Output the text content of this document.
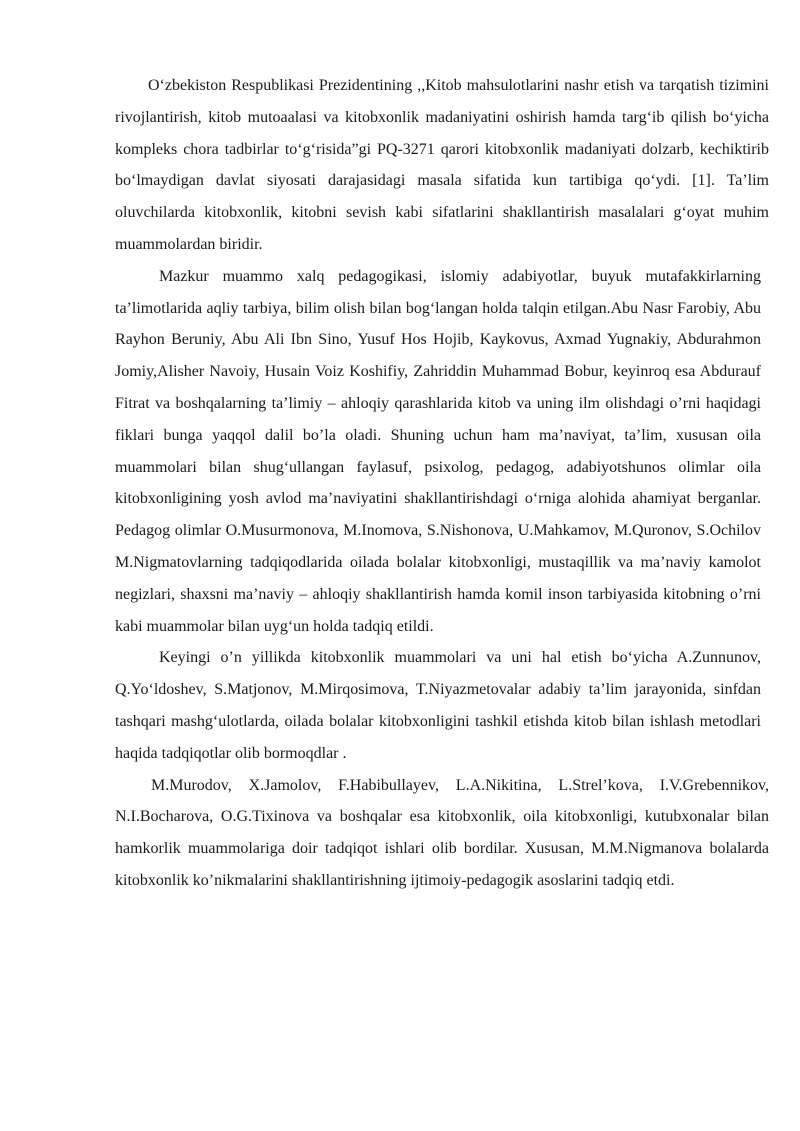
O‘zbekiston Respublikasi Prezidentining ,,Kitob mahsulotlarini nashr etish va tarqatish tizimini rivojlantirish, kitob mutoaalasi va kitobxonlik madaniyatini oshirish hamda targ‘ib qilish bo‘yicha kompleks chora tadbirlar to‘g‘risida”gi PQ-3271 qarori kitobxonlik madaniyati dolzarb, kechiktirib bo‘lmaydigan davlat siyosati darajasidagi masala sifatida kun tartibiga qo‘ydi. [1]. Ta’lim oluvchilarda kitobxonlik, kitobni sevish kabi sifatlarini shakllantirish masalalari g‘oyat muhim muammolardan biridir.

Mazkur muammo xalq pedagogikasi, islomiy adabiyotlar, buyuk mutafakkirlarning ta’limotlarida aqliy tarbiya, bilim olish bilan bog‘langan holda talqin etilgan.Abu Nasr Farobiy, Abu Rayhon Beruniy, Abu Ali Ibn Sino, Yusuf Hos Hojib, Kaykovus, Axmad Yugnakiy, Abdurahmon Jomiy,Alisher Navoiy, Husain Voiz Koshifiy, Zahriddin Muhammad Bobur, keyinroq esa Abdurauf Fitrat va boshqalarning ta’limiy – ahloqiy qarashlarida kitob va uning ilm olishdagi o’rni haqidagi fiklari bunga yaqqol dalil bo’la oladi. Shuning uchun ham ma’naviyat, ta’lim, xususan oila muammolari bilan shug‘ullangan faylasuf, psixolog, pedagog, adabiyotshunos olimlar oila kitobxonligining yosh avlod ma’naviyatini shakllantirishdagi o‘rniga alohida ahamiyat berganlar. Pedagog olimlar O.Musurmonova, M.Inomova, S.Nishonova, U.Mahkamov, M.Quronov, S.Ochilov M.Nigmatovlarning tadqiqodlarida oilada bolalar kitobxonligi, mustaqillik va ma’naviy kamolot negizlari, shaxsni ma’naviy – ahloqiy shakllantirish hamda komil inson tarbiyasida kitobning o’rni kabi muammolar bilan uyg‘un holda tadqiq etildi.

Keyingi o’n yillikda kitobxonlik muammolari va uni hal etish bo‘yicha A.Zunnunov, Q.Yo‘ldoshev, S.Matjonov, M.Mirqosimova, T.Niyazmetovalar adabiy ta’lim jarayonida, sinfdan tashqari mashg‘ulotlarda, oilada bolalar kitobxonligini tashkil etishda kitob bilan ishlash metodlari haqida tadqiqotlar olib bormoqdlar .

M.Murodov, X.Jamolov, F.Habibullayev, L.A.Nikitina, L.Strel’kova, I.V.Grebennikov, N.I.Bocharova, O.G.Tixinova va boshqalar esa kitobxonlik, oila kitobxonligi, kutubxonalar bilan hamkorlik muammolariga doir tadqiqot ishlari olib bordilar. Xususan, M.M.Nigmanova bolalarda kitobxonlik ko’nikmalarini shakllantirishning ijtimoiy-pedagogik asoslarini tadqiq etdi.
